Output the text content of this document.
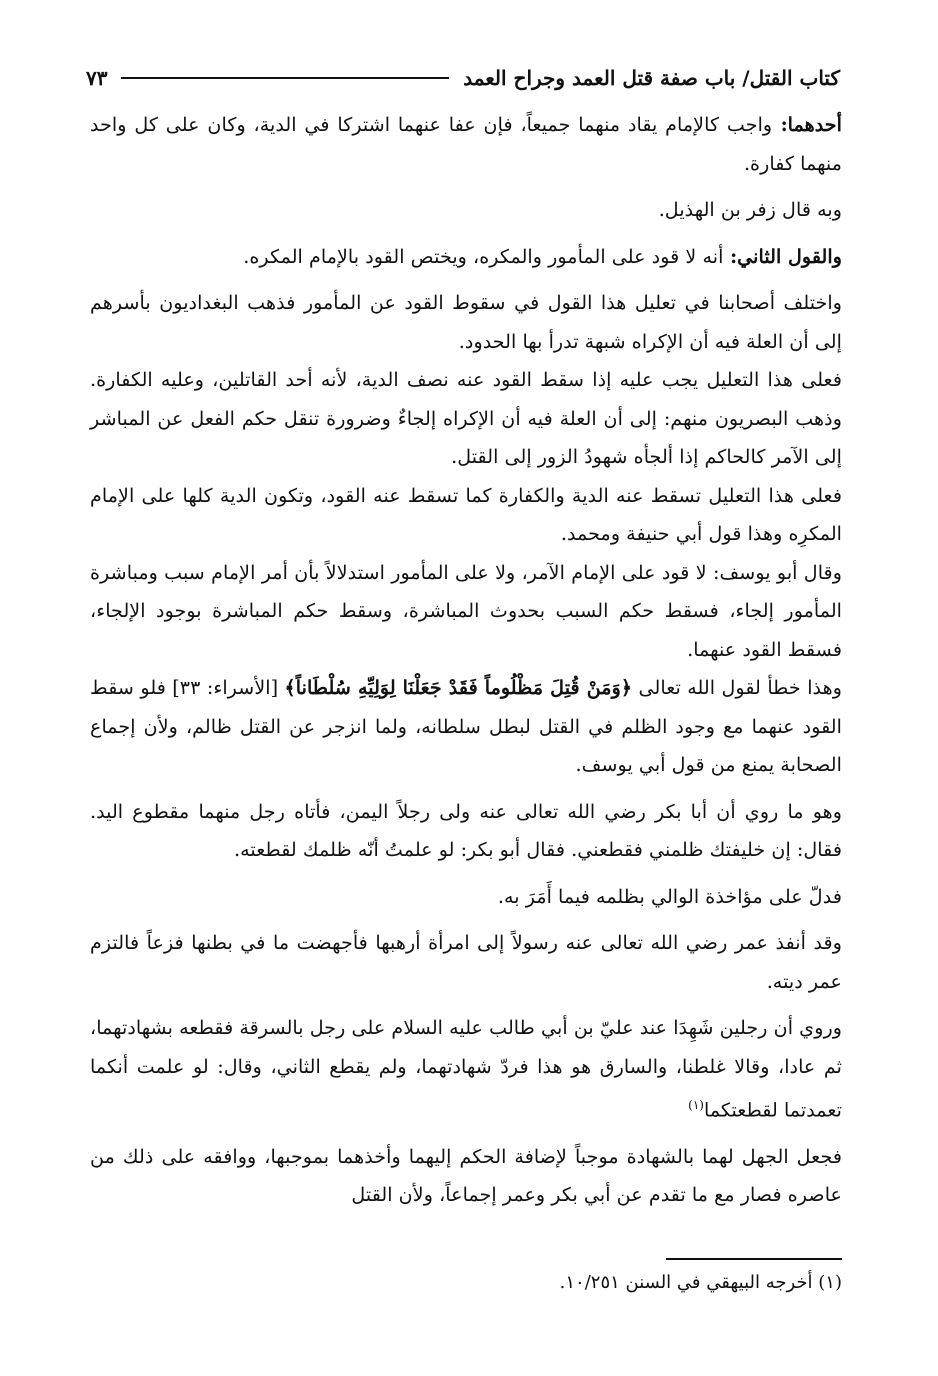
كتاب القتل/ باب صفة قتل العمد وجراح العمد
٧٣

أحدهما: واجب كالإمام يقاد منهما جميعاً، فإن عفا عنهما اشتركا في الدية، وكان على كل واحد منهما كفارة.

وبه قال زفر بن الهذيل.

والقول الثاني: أنه لا قود على المأمور والمكره، ويختص القود بالإمام المكره.

واختلف أصحابنا في تعليل هذا القول في سقوط القود عن المأمور فذهب البغداديون بأسرهم إلى أن العلة فيه أن الإكراه شبهة تدرأ بها الحدود.

فعلى هذا التعليل يجب عليه إذا سقط القود عنه نصف الدية، لأنه أحد القاتلين، وعليه الكفارة. وذهب البصريون منهم: إلى أن العلة فيه أن الإكراه إلجاءٌ وضرورة تنقل حكم الفعل عن المباشر إلى الآمر كالحاكم إذا ألجأه شهودُ الزور إلى القتل.

فعلى هذا التعليل تسقط عنه الدية والكفارة كما تسقط عنه القود، وتكون الدية كلها على الإمام المكرِه وهذا قول أبي حنيفة ومحمد.

وقال أبو يوسف: لا قود على الإمام الآمر، ولا على المأمور استدلالاً بأن أمر الإمام سبب ومباشرة المأمور إلجاء، فسقط حكم السبب بحدوث المباشرة، وسقط حكم المباشرة بوجود الإلجاء، فسقط القود عنهما.

وهذا خطأ لقول الله تعالى ﴿وَمَنْ قُتِلَ مَظْلُوماً فَقَدْ جَعَلْنَا لِوَلِيِّهِ سُلْطَاناً﴾ [الأسراء: ٣٣] فلو سقط القود عنهما مع وجود الظلم في القتل لبطل سلطانه، ولما انزجر عن القتل ظالم، ولأن إجماع الصحابة يمنع من قول أبي يوسف.

وهو ما روي أن أبا بكر رضي الله تعالى عنه ولى رجلاً اليمن، فأتاه رجل منهما مقطوع اليد. فقال: إن خليفتك ظلمني فقطعني. فقال أبو بكر: لو علمتُ أنّه ظلمك لقطعته.

فدلّ على مؤاخذة الوالي بظلمه فيما أَمَرَ به.

وقد أنفذ عمر رضي الله تعالى عنه رسولاً إلى امرأة أرهبها فأجهضت ما في بطنها فزعاً فالتزم عمر ديته.

وروي أن رجلين شَهِدَا عند عليّ بن أبي طالب عليه السلام على رجل بالسرقة فقطعه بشهادتهما، ثم عادا، وقالا غلطنا، والسارق هو هذا فردّ شهادتهما، ولم يقطع الثاني، وقال: لو علمت أنكما تعمدتما لقطعتكما$^{(١)}$

فجعل الجهل لهما بالشهادة موجباً لإضافة الحكم إليهما وأخذهما بموجبها، ووافقه على ذلك من عاصره فصار مع ما تقدم عن أبي بكر وعمر إجماعاً، ولأن القتل

(١) أخرجه البيهقي في السنن ١٠/٢٥١.
